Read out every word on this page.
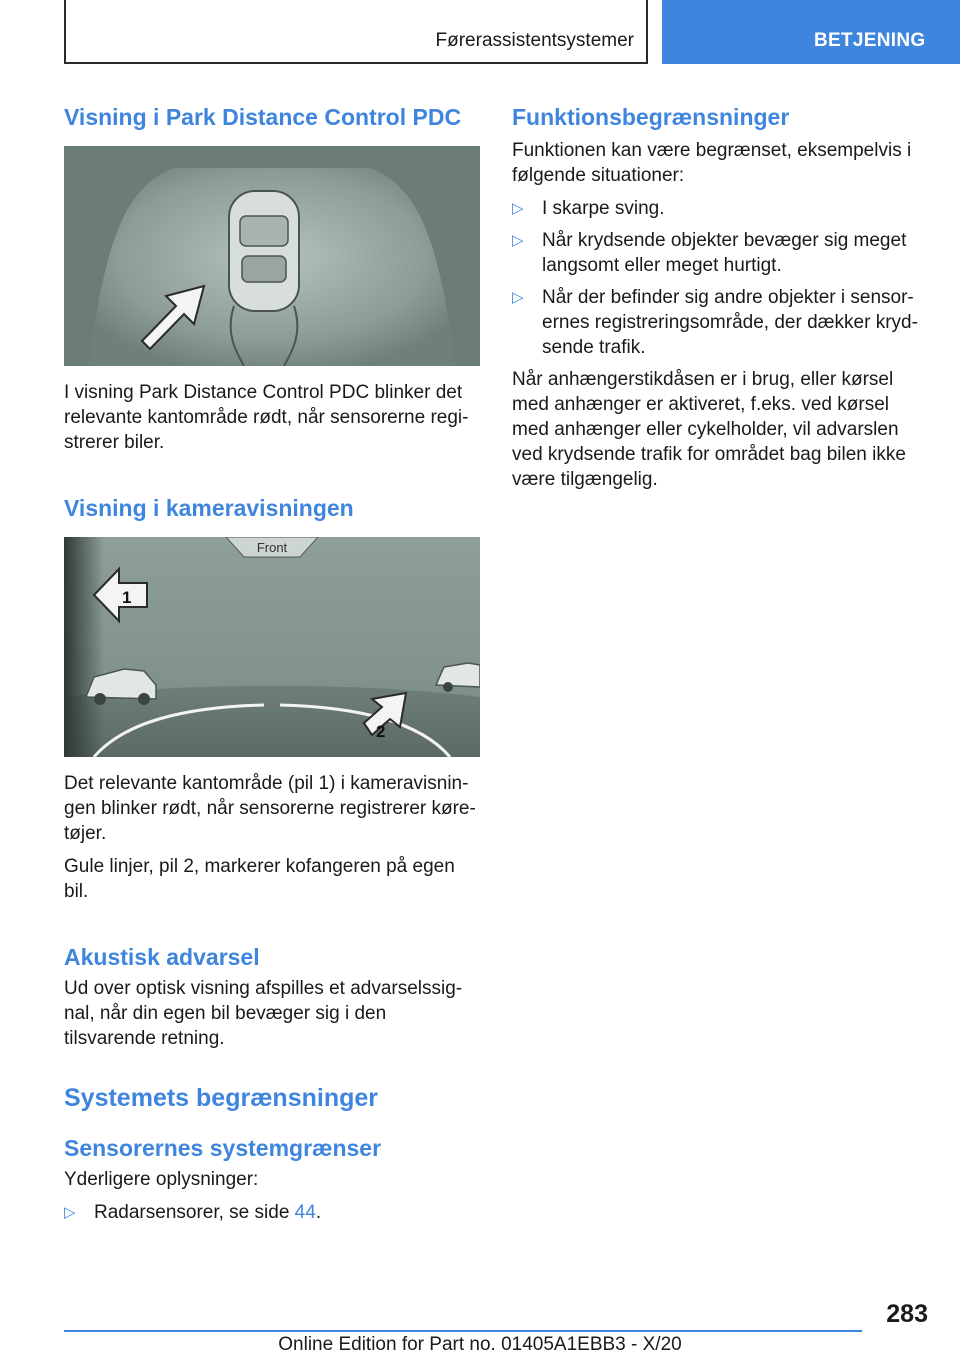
Førerassistentsystemer	BETJENING
Visning i Park Distance Control PDC

I visning Park Distance Control PDC blinker det relevante kantområde rødt, når sensorerne regi-strerer biler.

Visning i kameravisningen
Front
1
2

Det relevante kantområde (pil 1) i kameravisnin-gen blinker rødt, når sensorerne registrerer køre-tøjer.

Gule linjer, pil 2, markerer kofangeren på egen bil.

Akustisk advarsel

Ud over optisk visning afspilles et advarselssig-nal, når din egen bil bevæger sig i den tilsvarende retning.

Systemets begrænsninger
Sensorernes systemgrænser

Yderligere oplysninger:

▷ Radarsensorer, se side 44.
Funktionsbegrænsninger

Funktionen kan være begrænset, eksempelvis i følgende situationer:

▷ I skarpe sving.
▷ Når krydsende objekter bevæger sig meget langsomt eller meget hurtigt.
▷ Når der befinder sig andre objekter i sensor-ernes registreringsområde, der dækker kryd-sende trafik.

Når anhængerstikdåsen er i brug, eller kørsel med anhænger er aktiveret, f.eks. ved kørsel med anhænger eller cykelholder, vil advarslen ved krydsende trafik for området bag bilen ikke være tilgængelig.

283
Online Edition for Part no. 01405A1EBB3 - X/20
